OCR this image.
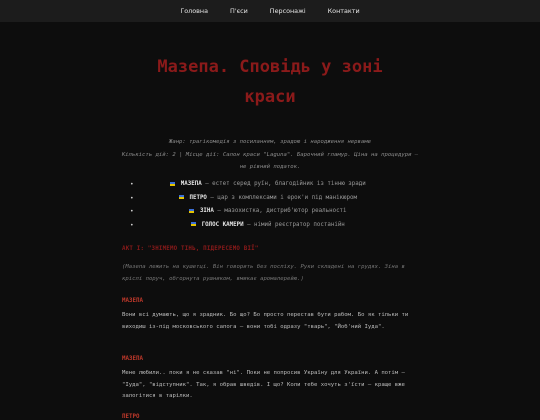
Головна	П'єси	Персонажі	Контакти
Мазепа. Сповідь у зоні краси
Жанр: трагікомедія з посиланням, зрадою і народження нерваме
Кількість дій: 2 | Місце дії: Салон краси "Laguna". Барочний гламур. Ціна на процедури — не рівний податок.
•	МАЗЕПА — естет серед руїн, благодійник із тінню зради
•	ПЕТРО — цар з комплексами і ерок'и під манікюром
•	ЗІНА — мазохистка, дистриб'ютор реальності
•	ГОЛОС КАМЕРИ — німий реєстратор постанійн
АКТ І: "ЗНІМЕМО ТІНЬ, ПІДЕРЕСЕМО ВІЇ"
(Мазепа лежить на кушетці. Він говорить без поспіху. Руки складені на грудях. Зіна в кріслі поруч, обгорнута рушником, вмикає аромалерейю.)
МАЗЕПА
Вони всі думають, що я зрадник. Бо що? Бо просто перестав бути рабом. Бо як тільки ти виходиш із-під московського сапога — вони тобі одразу "тварь", "Йоб'ний Іуда".
МАЗЕПА
Мене любили.. поки я не сказав "ні". Поки не попросив Україну для України. А потім — "Іуда", "відступник". Так, я обрав шведів. І що? Коли тебе хочуть з'їсти — краще вже залогітися в тарілки.
ПЕТРО
